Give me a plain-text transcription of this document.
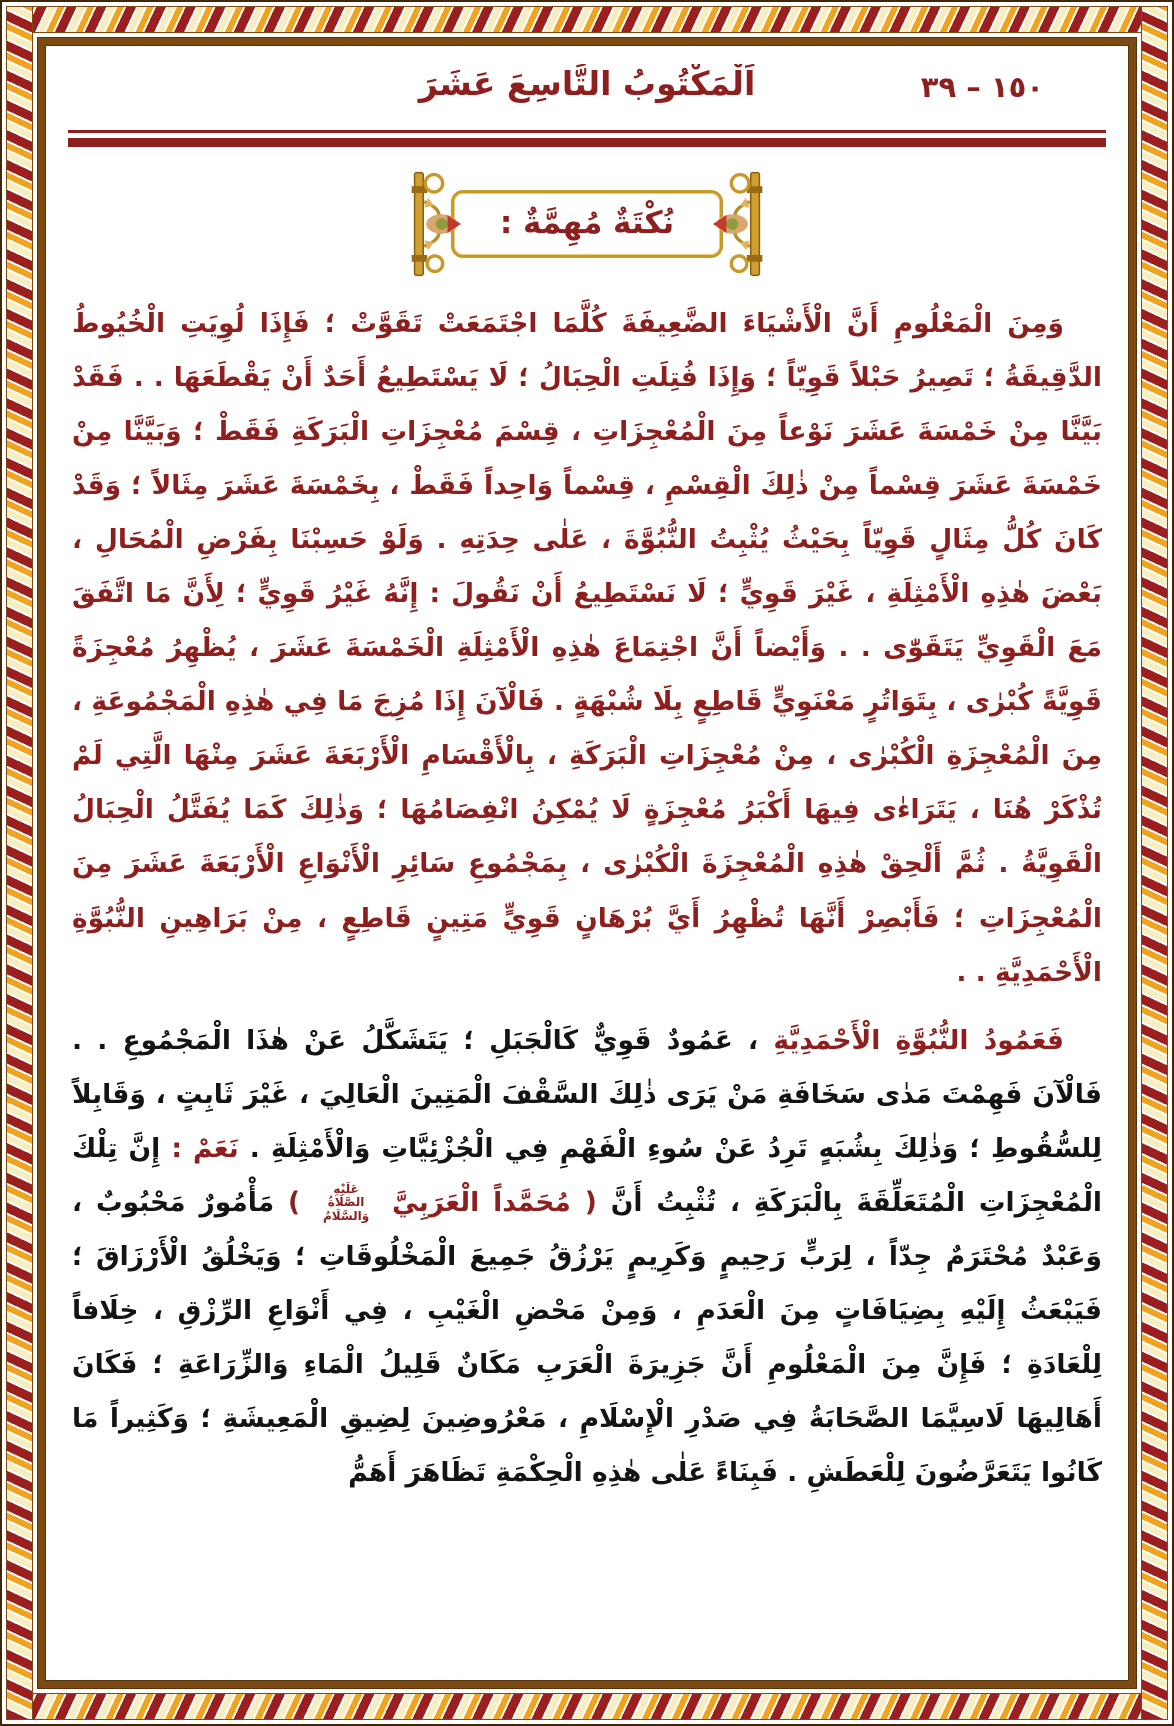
اَلْمَكْتُوبُ التَّاسِعَ عَشَرَ	١٥٠ – ٣٩
نُكْتَةٌ مُهِمَّةٌ :

وَمِنَ الْمَعْلُومِ أَنَّ الْأَشْيَاءَ الضَّعِيفَةَ كُلَّمَا اجْتَمَعَتْ تَقَوَّتْ ؛ فَإِذَا لُوِيَتِ الْخُيُوطُ الدَّقِيقَةُ ؛ تَصِيرُ حَبْلاً قَوِيّاً ؛ وَإِذَا فُتِلَتِ الْحِبَالُ ؛ لَا يَسْتَطِيعُ أَحَدٌ أَنْ يَقْطَعَهَا . . فَقَدْ بَيَّنَّا مِنْ خَمْسَةَ عَشَرَ نَوْعاً مِنَ الْمُعْجِزَاتِ ، قِسْمَ مُعْجِزَاتِ الْبَرَكَةِ فَقَطْ ؛ وَبَيَّنَّا مِنْ خَمْسَةَ عَشَرَ قِسْماً مِنْ ذٰلِكَ الْقِسْمِ ، قِسْماً وَاحِداً فَقَطْ ، بِخَمْسَةَ عَشَرَ مِثَالاً ؛ وَقَدْ كَانَ كُلُّ مِثَالٍ قَوِيّاً بِحَيْثُ يُثْبِتُ النُّبُوَّةَ ، عَلٰى حِدَتِهِ . وَلَوْ حَسِبْنَا بِفَرْضِ الْمُحَالِ ، بَعْضَ هٰذِهِ الْأَمْثِلَةِ ، غَيْرَ قَوِيٍّ ؛ لَا نَسْتَطِيعُ أَنْ نَقُولَ : إِنَّهُ غَيْرُ قَوِيٍّ ؛ لِأَنَّ مَا اتَّفَقَ مَعَ الْقَوِيِّ يَتَقَوّٰى . . وَأَيْضاً أَنَّ اجْتِمَاعَ هٰذِهِ الْأَمْثِلَةِ الْخَمْسَةَ عَشَرَ ، يُظْهِرُ مُعْجِزَةً قَوِيَّةً كُبْرٰى ، بِتَوَاتُرٍ مَعْنَوِيٍّ قَاطِعٍ بِلَا شُبْهَةٍ . فَالْآنَ إِذَا مُزِجَ مَا فِي هٰذِهِ الْمَجْمُوعَةِ ، مِنَ الْمُعْجِزَةِ الْكُبْرٰى ، مِنْ مُعْجِزَاتِ الْبَرَكَةِ ، بِالْأَقْسَامِ الْأَرْبَعَةَ عَشَرَ مِنْهَا الَّتِي لَمْ تُذْكَرْ هُنَا ، يَتَرَاءٰى فِيهَا أَكْبَرُ مُعْجِزَةٍ لَا يُمْكِنُ انْفِصَامُهَا ؛ وَذٰلِكَ كَمَا يُفَتَّلُ الْحِبَالُ الْقَوِيَّةُ . ثُمَّ أَلْحِقْ هٰذِهِ الْمُعْجِزَةَ الْكُبْرٰى ، بِمَجْمُوعِ سَائِرِ الْأَنْوَاعِ الْأَرْبَعَةَ عَشَرَ مِنَ الْمُعْجِزَاتِ ؛ فَأَبْصِرْ أَنَّهَا تُظْهِرُ أَيَّ بُرْهَانٍ قَوِيٍّ مَتِينٍ قَاطِعٍ ، مِنْ بَرَاهِينِ النُّبُوَّةِ الْأَحْمَدِيَّةِ . .

فَعَمُودُ النُّبُوَّةِ الْأَحْمَدِيَّةِ ، عَمُودٌ قَوِيٌّ كَالْجَبَلِ ؛ يَتَشَكَّلُ عَنْ هٰذَا الْمَجْمُوعِ . . فَالْآنَ فَهِمْتَ مَدٰى سَخَافَةِ مَنْ يَرَى ذٰلِكَ السَّقْفَ الْمَتِينَ الْعَالِيَ ، غَيْرَ ثَابِتٍ ، وَقَابِلاً لِلسُّقُوطِ ؛ وَذٰلِكَ بِشُبَهٍ تَرِدُ عَنْ سُوءِ الْفَهْمِ فِي الْجُزْئِيَّاتِ وَالْأَمْثِلَةِ . نَعَمْ : إِنَّ تِلْكَ الْمُعْجِزَاتِ الْمُتَعَلِّقَةَ بِالْبَرَكَةِ ، تُثْبِتُ أَنَّ ( مُحَمَّداً الْعَرَبِيَّ عَلَيْهِ الصَّلَاةُ وَالسَّلَامُ ) مَأْمُورٌ مَحْبُوبٌ ، وَعَبْدٌ مُحْتَرَمٌ جِدّاً ، لِرَبٍّ رَحِيمٍ وَكَرِيمٍ يَرْزُقُ جَمِيعَ الْمَخْلُوقَاتِ ؛ وَيَخْلُقُ الْأَرْزَاقَ ؛ فَيَبْعَثُ إِلَيْهِ بِضِيَافَاتٍ مِنَ الْعَدَمِ ، وَمِنْ مَحْضِ الْغَيْبِ ، فِي أَنْوَاعِ الرِّزْقِ ، خِلَافاً لِلْعَادَةِ ؛ فَإِنَّ مِنَ الْمَعْلُومِ أَنَّ جَزِيرَةَ الْعَرَبِ مَكَانٌ قَلِيلُ الْمَاءِ وَالزِّرَاعَةِ ؛ فَكَانَ أَهَالِيهَا لَاسِيَّمَا الصَّحَابَةُ فِي صَدْرِ الْإِسْلَامِ ، مَعْرُوضِينَ لِضِيقِ الْمَعِيشَةِ ؛ وَكَثِيراً مَا كَانُوا يَتَعَرَّضُونَ لِلْعَطَشِ . فَبِنَاءً عَلٰى هٰذِهِ الْحِكْمَةِ تَظَاهَرَ أَهَمُّ
